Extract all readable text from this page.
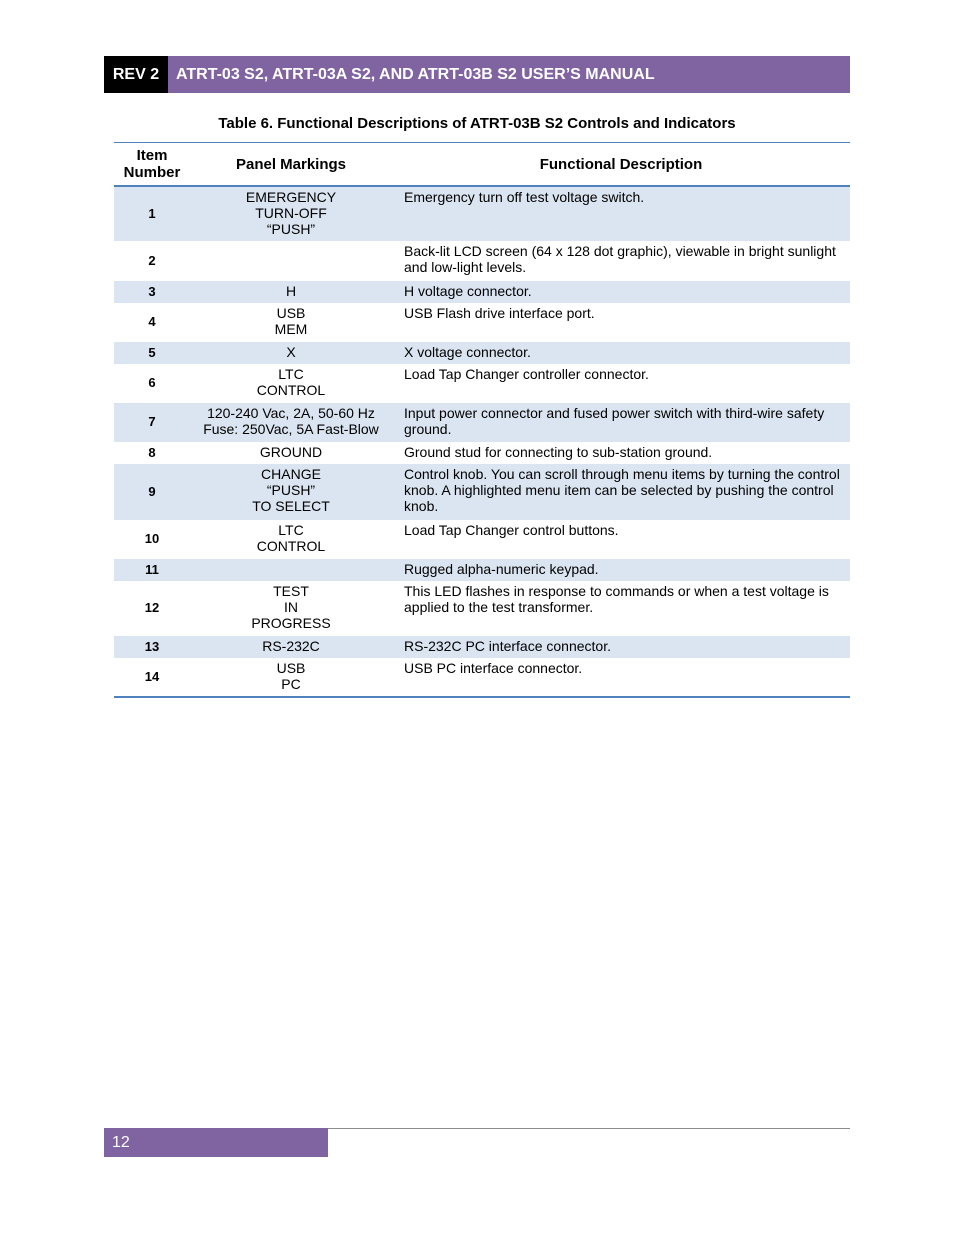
REV 2	ATRT-03 S2, ATRT-03A S2, AND ATRT-03B S2 USER’S MANUAL
Table 6. Functional Descriptions of ATRT-03B S2 Controls and Indicators
Item
Number	Panel Markings	Functional Description
1	EMERGENCY
TURN-OFF
“PUSH”	Emergency turn off test voltage switch.
2		Back-lit LCD screen (64 x 128 dot graphic), viewable in bright sunlight and low-light levels.
3	H	H voltage connector.
4	USB
MEM	USB Flash drive interface port.
5	X	X voltage connector.
6	LTC
CONTROL	Load Tap Changer controller connector.
7	120-240 Vac, 2A, 50-60 Hz
Fuse: 250Vac, 5A Fast-Blow	Input power connector and fused power switch with third-wire safety ground.
8	GROUND	Ground stud for connecting to sub-station ground.
9	CHANGE
“PUSH”
TO SELECT	Control knob. You can scroll through menu items by turning the control knob. A highlighted menu item can be selected by pushing the control knob.
10	LTC
CONTROL	Load Tap Changer control buttons.
11		Rugged alpha-numeric keypad.
12	TEST
IN
PROGRESS	This LED flashes in response to commands or when a test voltage is applied to the test transformer.
13	RS-232C	RS-232C PC interface connector.
14	USB
PC	USB PC interface connector.
12
